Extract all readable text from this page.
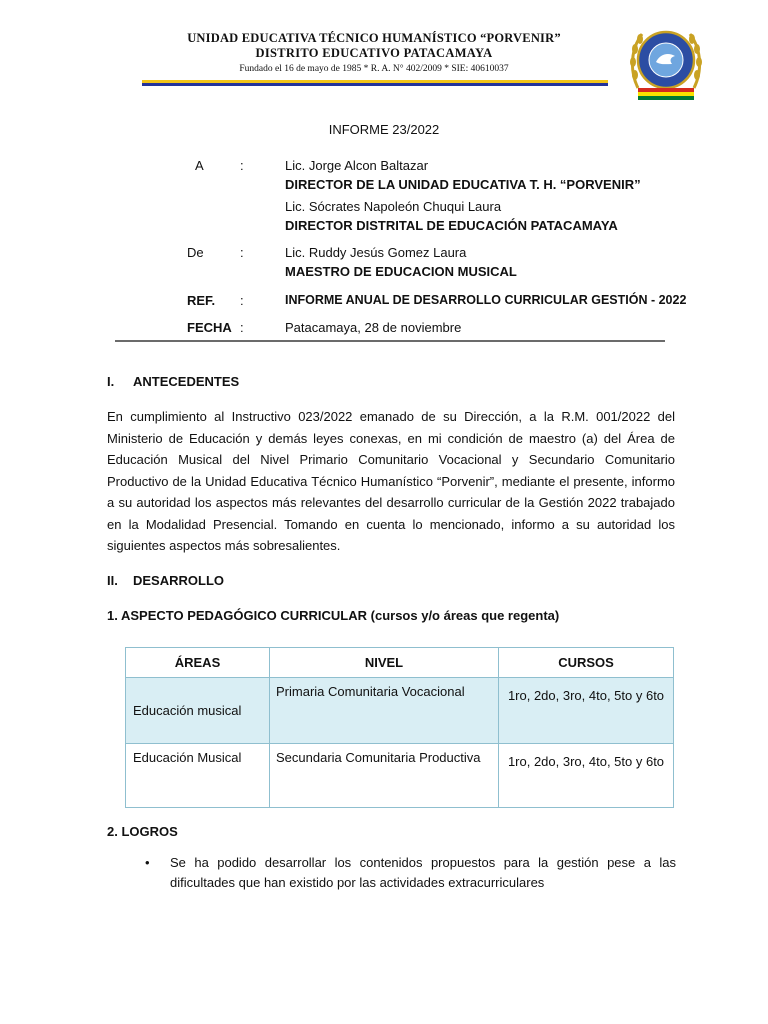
UNIDAD EDUCATIVA TÉCNICO HUMANÍSTICO “PORVENIR”
DISTRITO EDUCATIVO PATACAMAYA
Fundado el 16 de mayo de 1985 * R. A. N° 402/2009 * SIE: 40610037
INFORME 23/2022
A	:	Lic. Jorge Alcon Baltazar
DIRECTOR DE LA UNIDAD EDUCATIVA T. H. “PORVENIR”
Lic. Sócrates Napoleón Chuqui Laura
DIRECTOR DISTRITAL DE EDUCACIÓN PATACAMAYA
De	:	Lic. Ruddy Jesús Gomez Laura
MAESTRO DE EDUCACION MUSICAL
REF. :	INFORME ANUAL DE DESARROLLO CURRICULAR GESTIÓN - 2022
FECHA :	Patacamaya, 28 de noviembre
I. ANTECEDENTES

En cumplimiento al Instructivo 023/2022 emanado de su Dirección, a la R.M. 001/2022 del Ministerio de Educación y demás leyes conexas, en mi condición de maestro (a) del Área de Educación Musical del Nivel Primario Comunitario Vocacional y Secundario Comunitario Productivo de la Unidad Educativa Técnico Humanístico “Porvenir”, mediante el presente, informo a su autoridad los aspectos más relevantes del desarrollo curricular de la Gestión 2022 trabajado en la Modalidad Presencial. Tomando en cuenta lo mencionado, informo a su autoridad los siguientes aspectos más sobresalientes.

II. DESARROLLO
1. ASPECTO PEDAGÓGICO CURRICULAR (cursos y/o áreas que regenta)
ÁREAS	NIVEL	CURSOS
Educación musical	Primaria Comunitaria Vocacional	1ro, 2do, 3ro, 4to, 5to y 6to
Educación Musical	Secundaria Comunitaria Productiva	1ro, 2do, 3ro, 4to, 5to y 6to
2. LOGROS
• Se ha podido desarrollar los contenidos propuestos para la gestión pese a las dificultades que han existido por las actividades extracurriculares
